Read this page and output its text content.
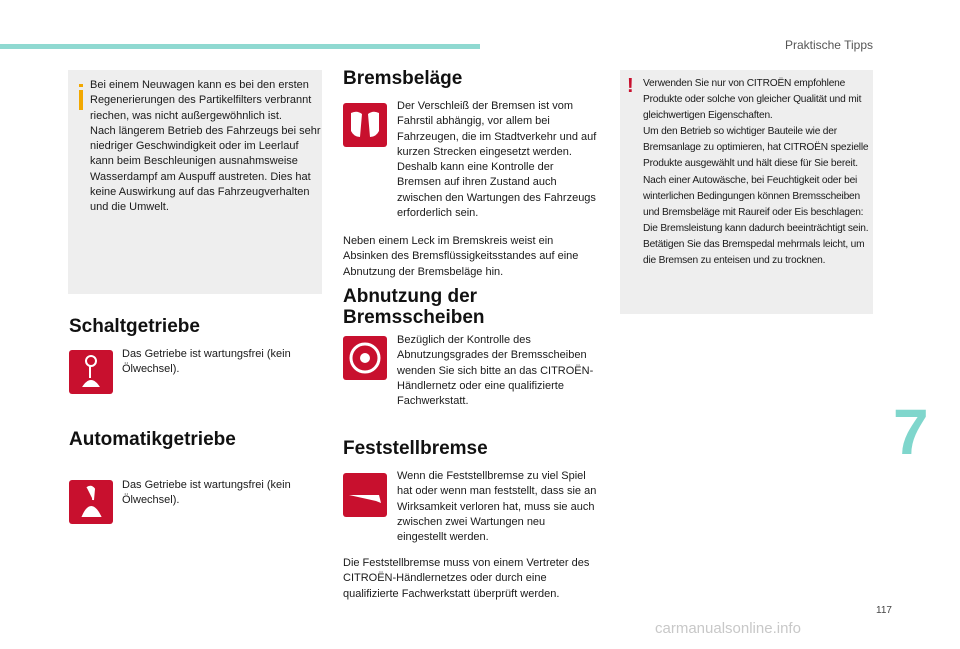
Praktische Tipps
7
117
Bei einem Neuwagen kann es bei den ersten Regenerierungen des Partikelfilters verbrannt riechen, was nicht außergewöhnlich ist.
Nach längerem Betrieb des Fahrzeugs bei sehr niedriger Geschwindigkeit oder im Leerlauf kann beim Beschleunigen ausnahmsweise Wasserdampf am Auspuff austreten. Dies hat keine Auswirkung auf das Fahrzeugverhalten und die Umwelt.
Schaltgetriebe
Das Getriebe ist wartungsfrei (kein Ölwechsel).
Automatikgetriebe
Das Getriebe ist wartungsfrei (kein Ölwechsel).
Bremsbeläge
Der Verschleiß der Bremsen ist vom Fahrstil abhängig, vor allem bei Fahrzeugen, die im Stadtverkehr und auf kurzen Strecken eingesetzt werden. Deshalb kann eine Kontrolle der Bremsen auf ihren Zustand auch zwischen den Wartungen des Fahrzeugs erforderlich sein.
Neben einem Leck im Bremskreis weist ein Absinken des Bremsflüssigkeitsstandes auf eine Abnutzung der Bremsbeläge hin.
Abnutzung der Bremsscheiben
Bezüglich der Kontrolle des Abnutzungsgrades der Bremsscheiben wenden Sie sich bitte an das CITROËN-Händlernetz oder eine qualifizierte Fachwerkstatt.
Feststellbremse
Wenn die Feststellbremse zu viel Spiel hat oder wenn man feststellt, dass sie an Wirksamkeit verloren hat, muss sie auch zwischen zwei Wartungen neu eingestellt werden.
Die Feststellbremse muss von einem Vertreter des CITROËN-Händlernetzes oder durch eine qualifizierte Fachwerkstatt überprüft werden.
! Verwenden Sie nur von CITROËN empfohlene Produkte oder solche von gleicher Qualität und mit gleichwertigen Eigenschaften.
Um den Betrieb so wichtiger Bauteile wie der Bremsanlage zu optimieren, hat CITROËN spezielle Produkte ausgewählt und hält diese für Sie bereit.
Nach einer Autowäsche, bei Feuchtigkeit oder bei winterlichen Bedingungen können Bremsscheiben und Bremsbeläge mit Raureif oder Eis beschlagen: Die Bremsleistung kann dadurch beeinträchtigt sein. Betätigen Sie das Bremspedal mehrmals leicht, um die Bremsen zu enteisen und zu trocknen.
carmanualsonline.info
